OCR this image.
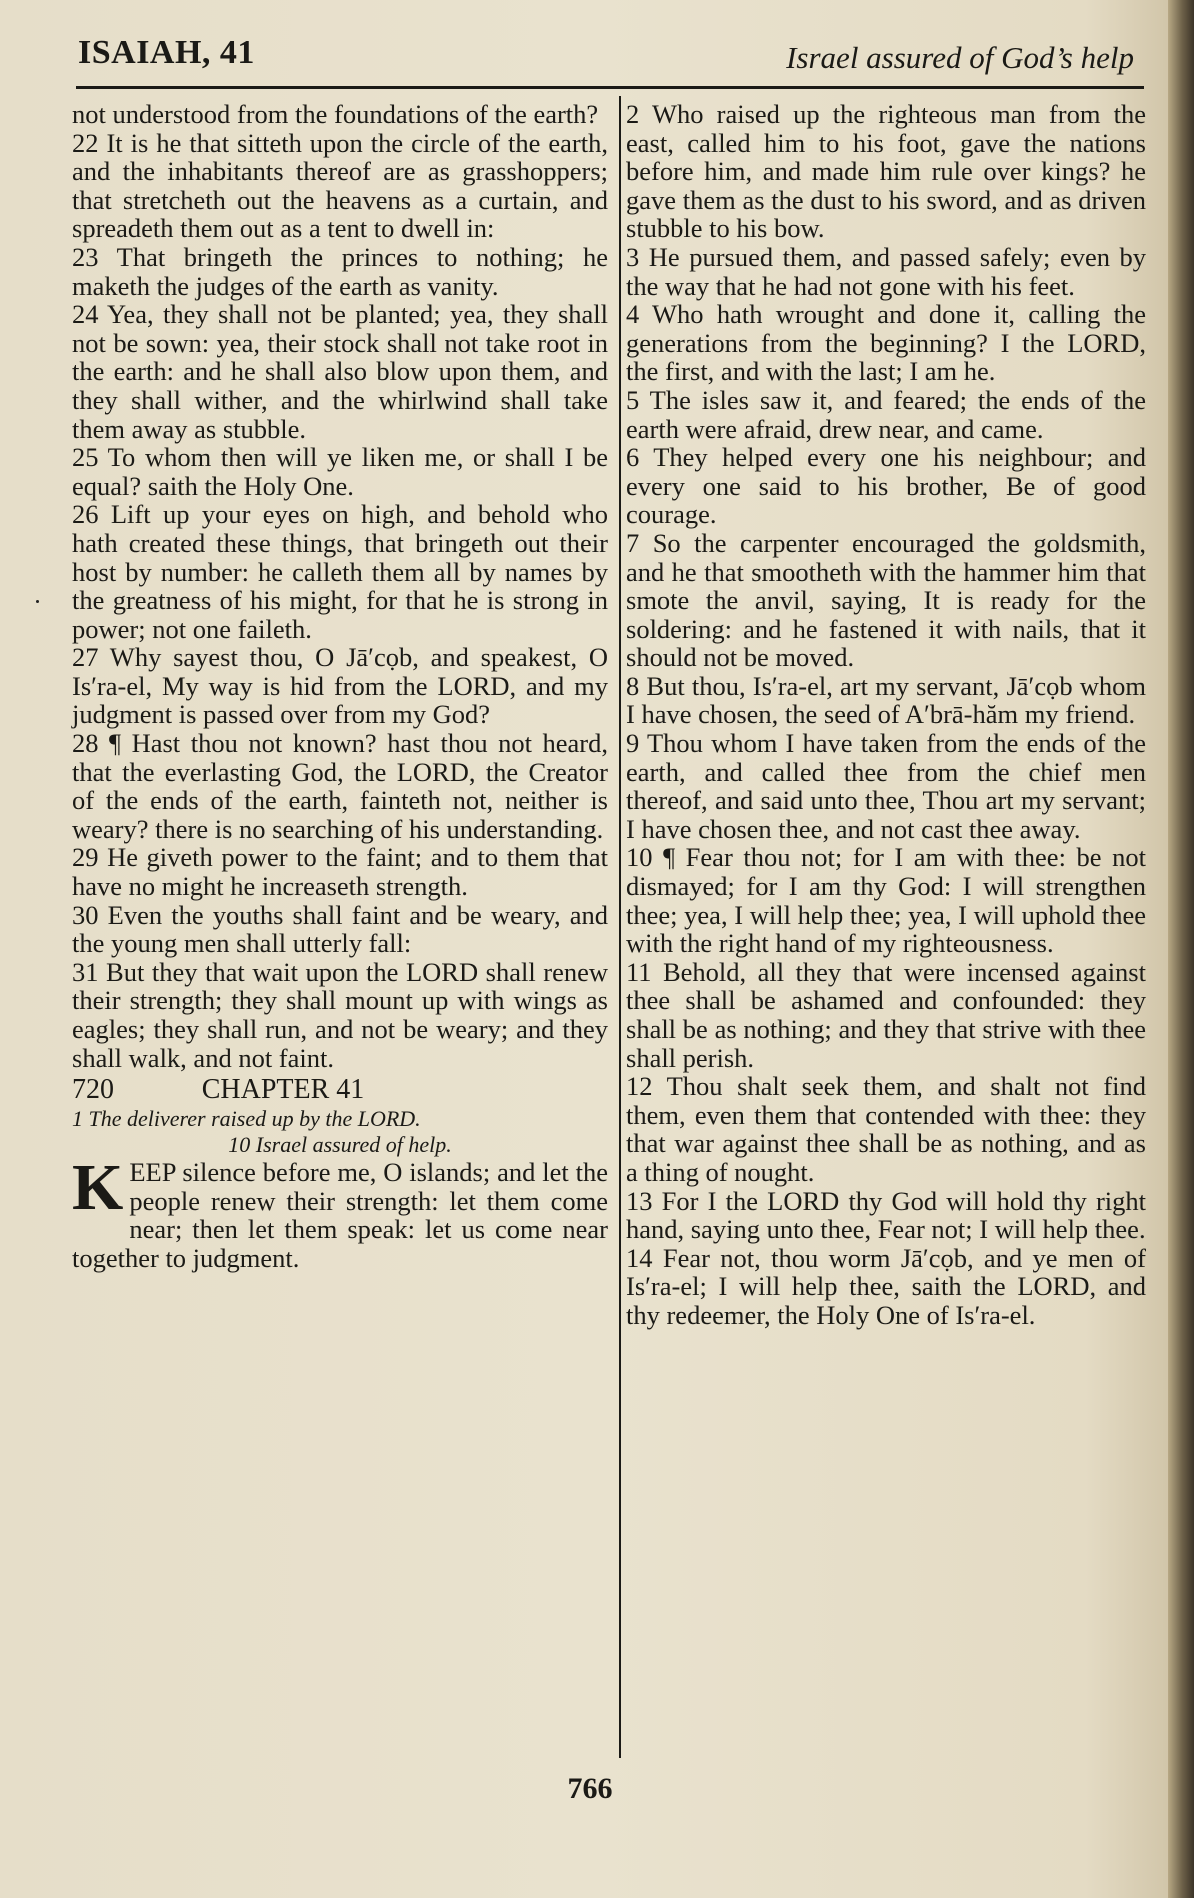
ISAIAH, 41	Israel assured of God’s help
not understood from the foundations of the earth?
22 It is he that sitteth upon the circle of the earth, and the inhabitants thereof are as grasshoppers; that stretcheth out the heavens as a curtain, and spreadeth them out as a tent to dwell in:
23 That bringeth the princes to nothing; he maketh the judges of the earth as vanity.
24 Yea, they shall not be planted; yea, they shall not be sown: yea, their stock shall not take root in the earth: and he shall also blow upon them, and they shall wither, and the whirlwind shall take them away as stubble.
25 To whom then will ye liken me, or shall I be equal? saith the Holy One.
26 Lift up your eyes on high, and behold who hath created these things, that bringeth out their host by number: he calleth them all by names by the greatness of his might, for that he is strong in power; not one faileth.
27 Why sayest thou, O Jā′cọb, and speakest, O Is′ra-el, My way is hid from the LORD, and my judgment is passed over from my God?
28 ¶ Hast thou not known? hast thou not heard, that the everlasting God, the LORD, the Creator of the ends of the earth, fainteth not, neither is weary? there is no searching of his understanding.
29 He giveth power to the faint; and to them that have no might he increaseth strength.
30 Even the youths shall faint and be weary, and the young men shall utterly fall:
31 But they that wait upon the LORD shall renew their strength; they shall mount up with wings as eagles; they shall run, and not be weary; and they shall walk, and not faint.
720	CHAPTER 41
1 The deliverer raised up by the LORD.
10 Israel assured of help.
K EEP silence before me, O islands; and let the people renew their strength: let them come near; then let them speak: let us come near together to judgment.
2 Who raised up the righteous man from the east, called him to his foot, gave the nations before him, and made him rule over kings? he gave them as the dust to his sword, and as driven stubble to his bow.
3 He pursued them, and passed safely; even by the way that he had not gone with his feet.
4 Who hath wrought and done it, calling the generations from the beginning? I the LORD, the first, and with the last; I am he.
5 The isles saw it, and feared; the ends of the earth were afraid, drew near, and came.
6 They helped every one his neighbour; and every one said to his brother, Be of good courage.
7 So the carpenter encouraged the goldsmith, and he that smootheth with the hammer him that smote the anvil, saying, It is ready for the soldering: and he fastened it with nails, that it should not be moved.
8 But thou, Is′ra-el, art my servant, Jā′cọb whom I have chosen, the seed of A′brā-hăm my friend.
9 Thou whom I have taken from the ends of the earth, and called thee from the chief men thereof, and said unto thee, Thou art my servant; I have chosen thee, and not cast thee away.
10 ¶ Fear thou not; for I am with thee: be not dismayed; for I am thy God: I will strengthen thee; yea, I will help thee; yea, I will uphold thee with the right hand of my righteousness.
11 Behold, all they that were incensed against thee shall be ashamed and confounded: they shall be as nothing; and they that strive with thee shall perish.
12 Thou shalt seek them, and shalt not find them, even them that contended with thee: they that war against thee shall be as nothing, and as a thing of nought.
13 For I the LORD thy God will hold thy right hand, saying unto thee, Fear not; I will help thee.
14 Fear not, thou worm Jā′cọb, and ye men of Is′ra-el; I will help thee, saith the LORD, and thy redeemer, the Holy One of Is′ra-el.
766
